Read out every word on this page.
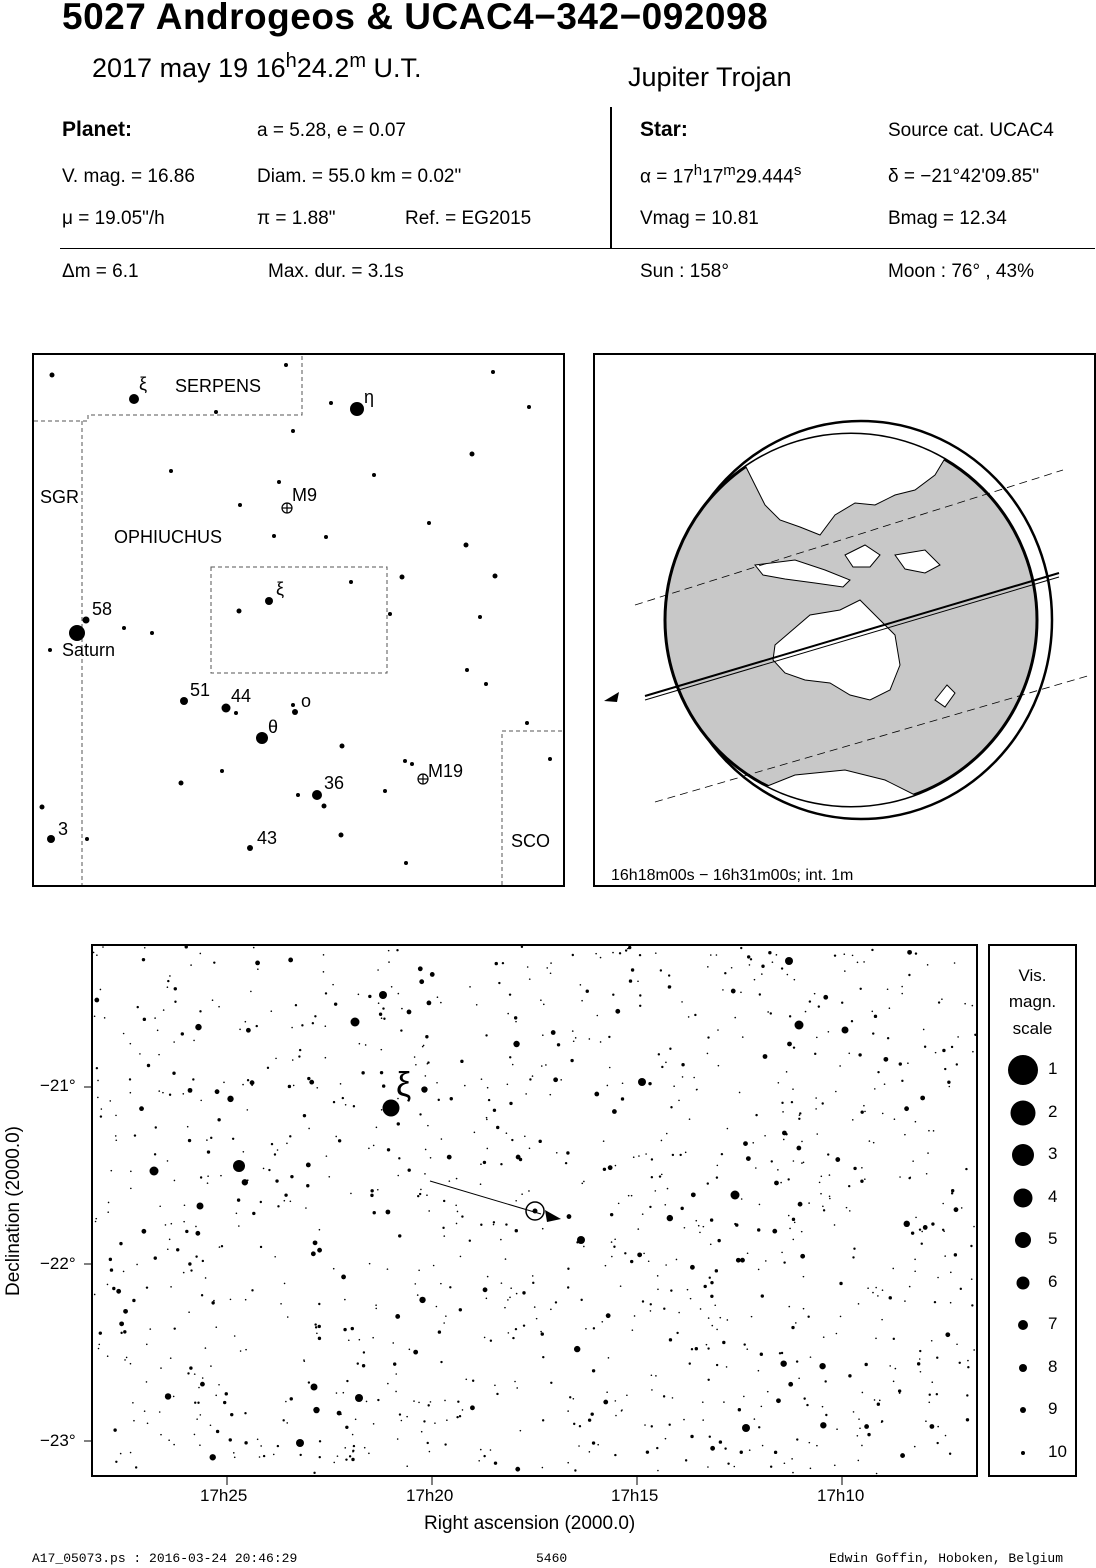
5027 Androgeos & UCAC4−342−092098
2017 may 19 16$^h$24.2$^m$ U.T.	Jupiter Trojan
Planet:	a = 5.28, e = 0.07
V. mag. = 16.86	Diam. = 55.0 km = 0.02"
μ = 19.05"/h	π = 1.88"	Ref. = EG2015
Star:	Source cat. UCAC4
$\alpha = 17^h17^m29.444^s$	δ = −21°42'09.85"
Vmag = 10.81	Bmag = 12.34
Δm = 6.1	Max. dur. = 3.1s	Sun : 158°	Moon : 76° , 43%
SERPENS
SGR
OPHIUCHUS
SCO
ξ
η
M9
ξ
58
Saturn
51 44	o
θ
36
M19
3	43
16h18m00s − 16h31m00s; int. 1m
ξ
−21°
−22°
−23°
17h25	17h20	17h15	17h10
Right ascension (2000.0)
Declination (2000.0)
Vis.
magn.
scale
1
2
3
4
5
6
7
8
9
10
A17_05073.ps : 2016-03-24 20:46:29	5460	Edwin Goffin, Hoboken, Belgium
